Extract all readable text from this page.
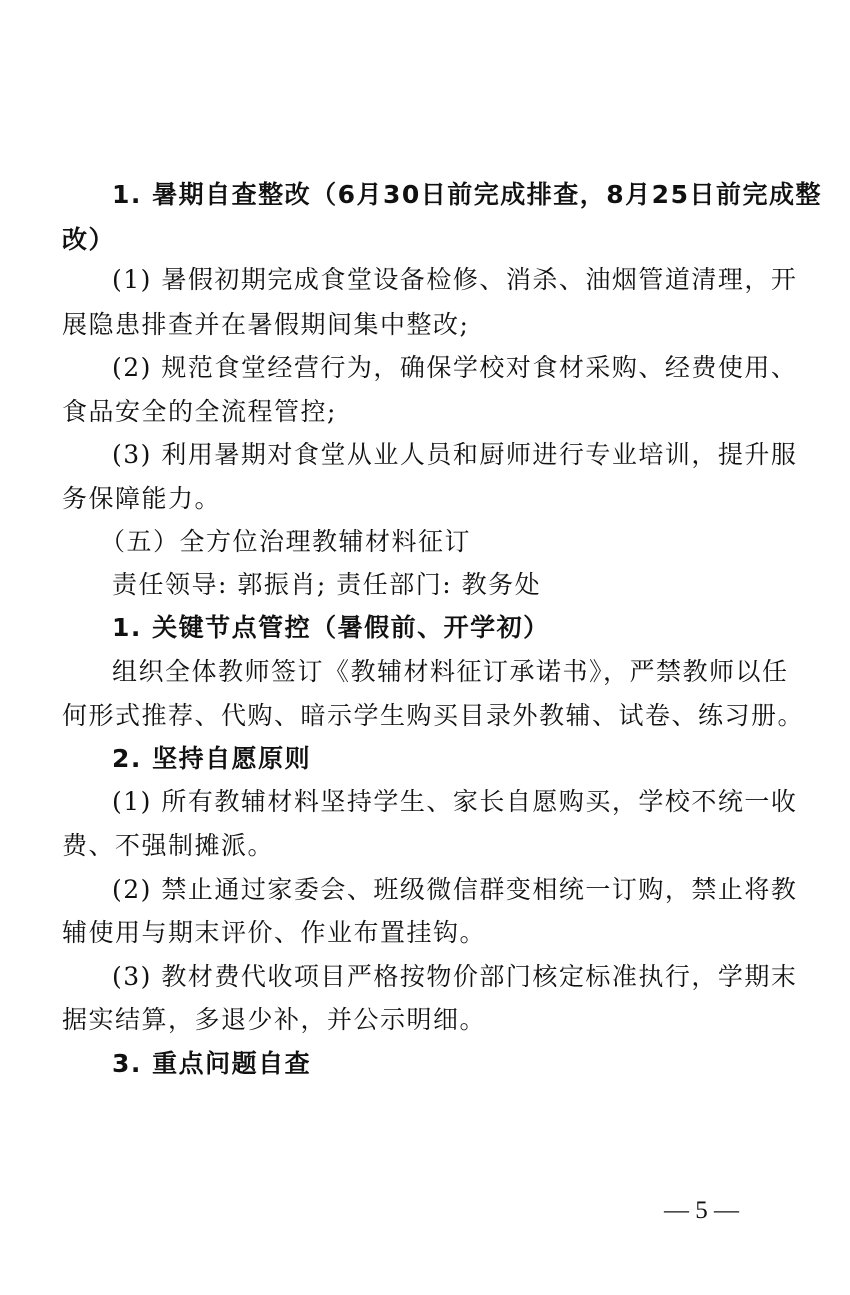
1. 暑期自查整改（6月30日前完成排查，8月25日前完成整
改）
(1) 暑假初期完成食堂设备检修、消杀、油烟管道清理，开
展隐患排查并在暑假期间集中整改;
(2) 规范食堂经营行为，确保学校对食材采购、经费使用、
食品安全的全流程管控;
(3) 利用暑期对食堂从业人员和厨师进行专业培训，提升服
务保障能力。
（五）全方位治理教辅材料征订
责任领导: 郭振肖; 责任部门: 教务处
1. 关键节点管控（暑假前、开学初）
组织全体教师签订《教辅材料征订承诺书》，严禁教师以任
何形式推荐、代购、暗示学生购买目录外教辅、试卷、练习册。
2. 坚持自愿原则
(1) 所有教辅材料坚持学生、家长自愿购买，学校不统一收
费、不强制摊派。
(2) 禁止通过家委会、班级微信群变相统一订购，禁止将教
辅使用与期末评价、作业布置挂钩。
(3) 教材费代收项目严格按物价部门核定标准执行，学期末
据实结算，多退少补，并公示明细。
3. 重点问题自查
— 5 —
